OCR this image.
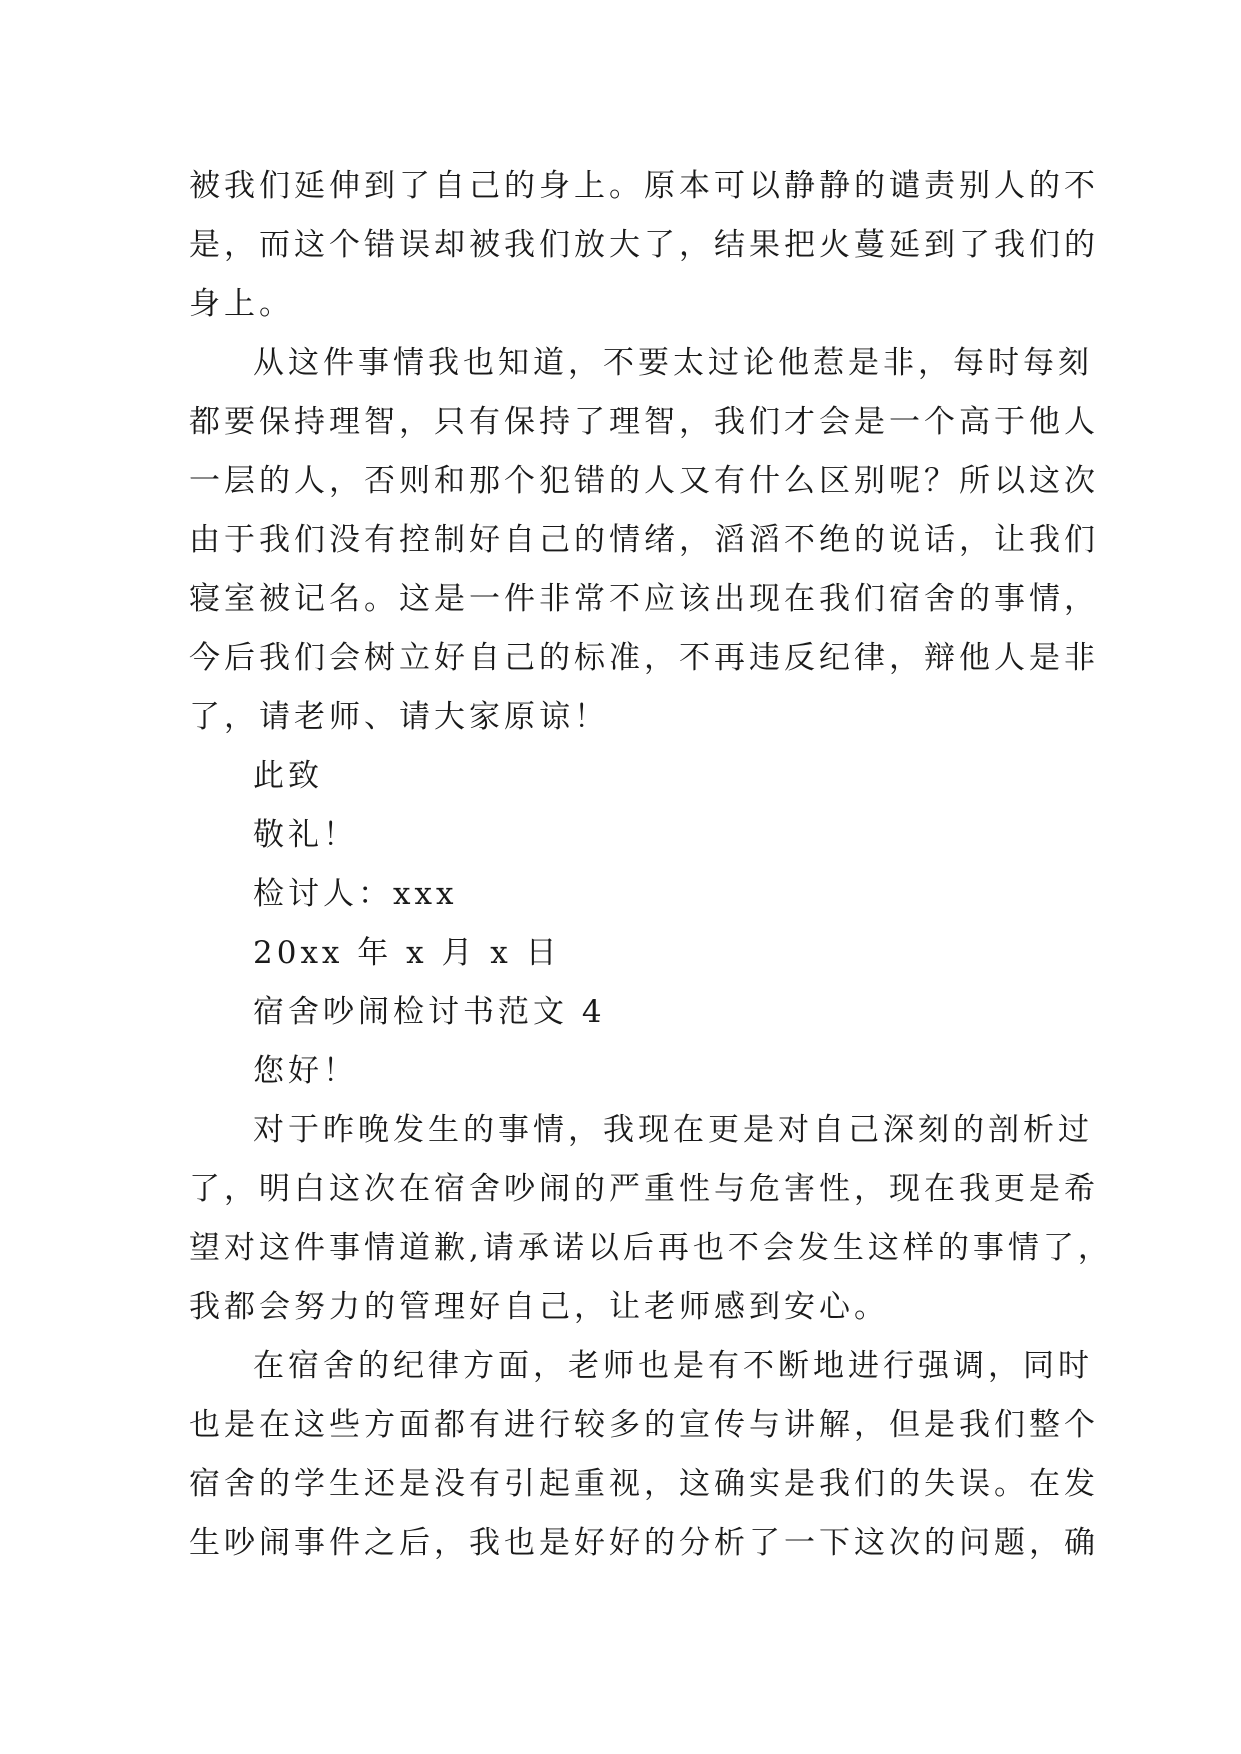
被我们延伸到了自己的身上。原本可以静静的谴责别人的不
是，而这个错误却被我们放大了，结果把火蔓延到了我们的
身上。
从这件事情我也知道，不要太过论他惹是非，每时每刻
都要保持理智，只有保持了理智，我们才会是一个高于他人
一层的人，否则和那个犯错的人又有什么区别呢？所以这次
由于我们没有控制好自己的情绪，滔滔不绝的说话，让我们
寝室被记名。这是一件非常不应该出现在我们宿舍的事情，
今后我们会树立好自己的标准，不再违反纪律，辩他人是非
了，请老师、请大家原谅！
此致
敬礼！
检讨人：xxx
20xx 年 x 月 x 日
宿舍吵闹检讨书范文 4
您好！
对于昨晚发生的事情，我现在更是对自己深刻的剖析过
了，明白这次在宿舍吵闹的严重性与危害性，现在我更是希
望对这件事情道歉,请承诺以后再也不会发生这样的事情了，
我都会努力的管理好自己，让老师感到安心。
在宿舍的纪律方面，老师也是有不断地进行强调，同时
也是在这些方面都有进行较多的宣传与讲解，但是我们整个
宿舍的学生还是没有引起重视，这确实是我们的失误。在发
生吵闹事件之后，我也是好好的分析了一下这次的问题，确
